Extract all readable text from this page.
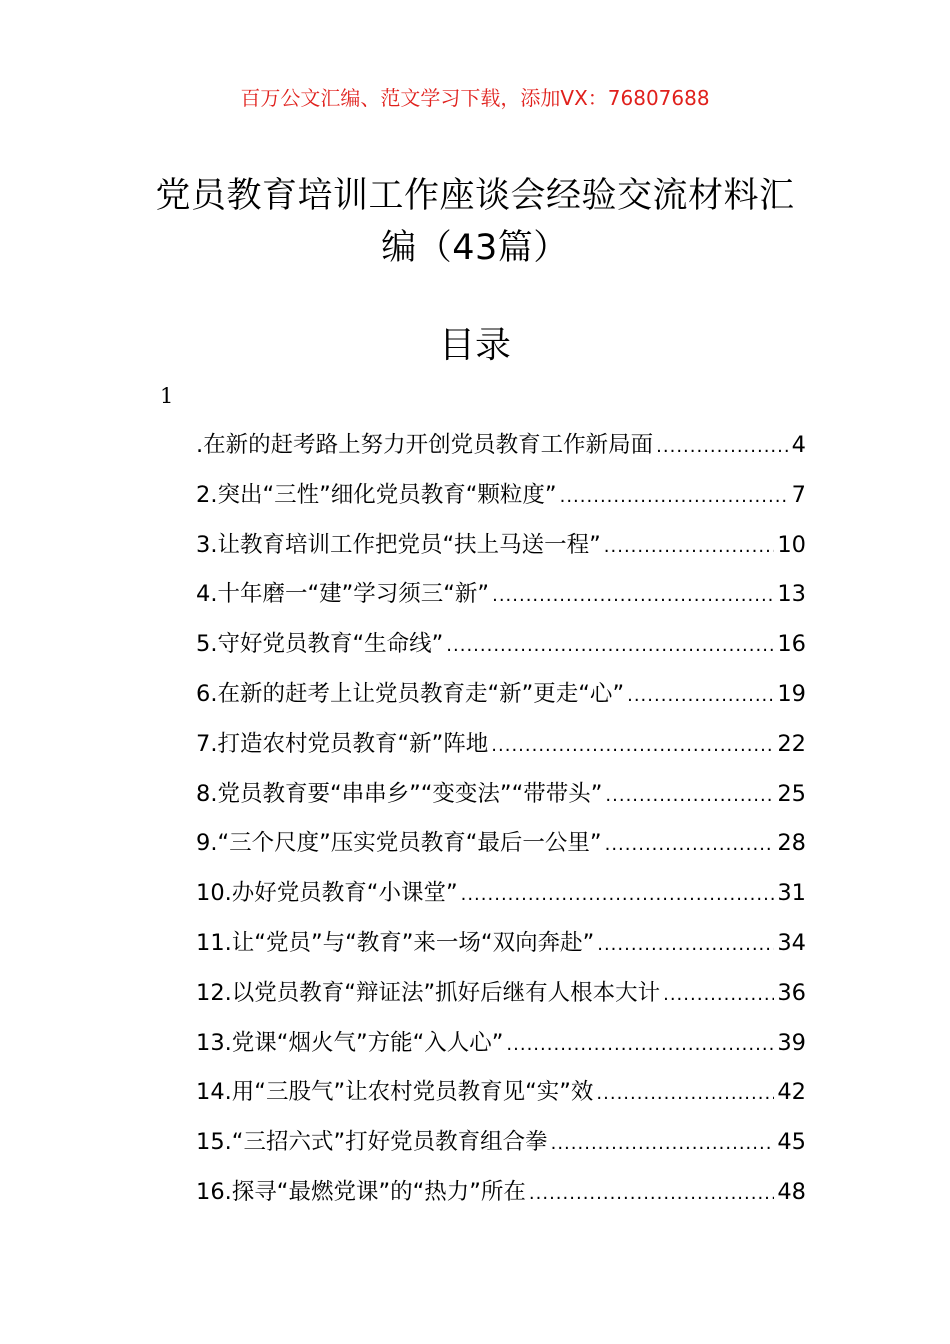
百万公文汇编、范文学习下载，添加VX：76807688
党员教育培训工作座谈会经验交流材料汇编（43篇）
目录
1
.在新的赶考路上努力开创党员教育工作新局面 .....	4
2.突出“三性”细化党员教育“颗粒度” .....	7
3.让教育培训工作把党员“扶上马送一程” .....	10
4.十年磨一“建”学习须三“新” .....	13
5.守好党员教育“生命线” .....	16
6.在新的赶考上让党员教育走“新”更走“心” .....	19
7.打造农村党员教育“新”阵地 .....	22
8.党员教育要“串串乡”“变变法”“带带头” .....	25
9.“三个尺度”压实党员教育“最后一公里” .....	28
10.办好党员教育“小课堂” .....	31
11.让“党员”与“教育”来一场“双向奔赴” .....	34
12.以党员教育“辩证法”抓好后继有人根本大计 .....	36
13.党课“烟火气”方能“入人心” .....	39
14.用“三股气”让农村党员教育见“实”效 .....	42
15.“三招六式”打好党员教育组合拳 .....	45
16.探寻“最燃党课”的“热力”所在 .....	48
